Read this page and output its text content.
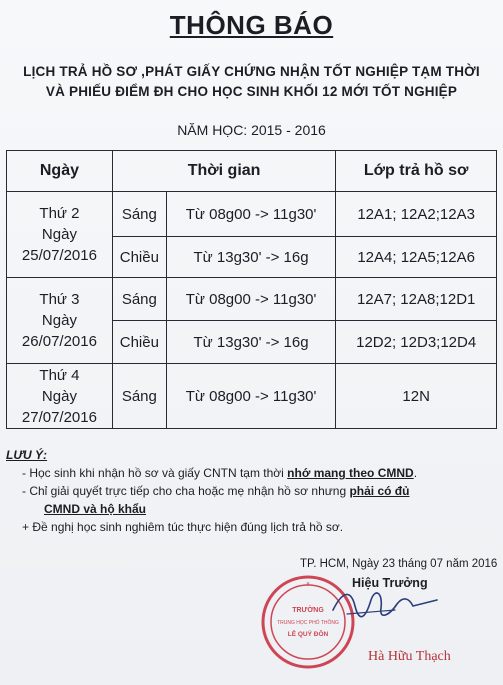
THÔNG BÁO
LỊCH TRẢ HỒ SƠ ,PHÁT GIẤY CHỨNG NHẬN TỐT NGHIỆP TẠM THỜI
VÀ PHIẾU ĐIỂM ĐH CHO HỌC SINH KHỐI 12 MỚI TỐT NGHIỆP
NĂM HỌC: 2015 - 2016
Ngày	Thời gian		Lớp trả hồ sơ

Thứ 2
Ngày
25/07/2016	Sáng	Từ 08g00 -> 11g30'	12A1; 12A2;12A3
	Chiều	Từ 13g30' -> 16g	12A4; 12A5;12A6

Thứ 3
Ngày
26/07/2016	Sáng	Từ 08g00 -> 11g30'	12A7; 12A8;12D1
	Chiều	Từ 13g30' -> 16g	12D2; 12D3;12D4

Thứ 4
Ngày
27/07/2016	Sáng	Từ 08g00 -> 11g30'	12N
LƯU Ý:
- Học sinh khi nhận hồ sơ và giấy CNTN tạm thời nhớ mang theo CMND.
- Chỉ giải quyết trực tiếp cho cha hoặc mẹ nhận hồ sơ nhưng phải có đủ
CMND và hộ khẩu
+ Đề nghị học sinh nghiêm túc thực hiện đúng lịch trả hồ sơ.
TP. HCM, Ngày 23 tháng 07 năm 2016
Hiệu Trưởng
TRƯỜNG
TRUNG HỌC PHỔ THÔNG
LÊ QUÝ ĐÔN
★
Hà Hữu Thạch
